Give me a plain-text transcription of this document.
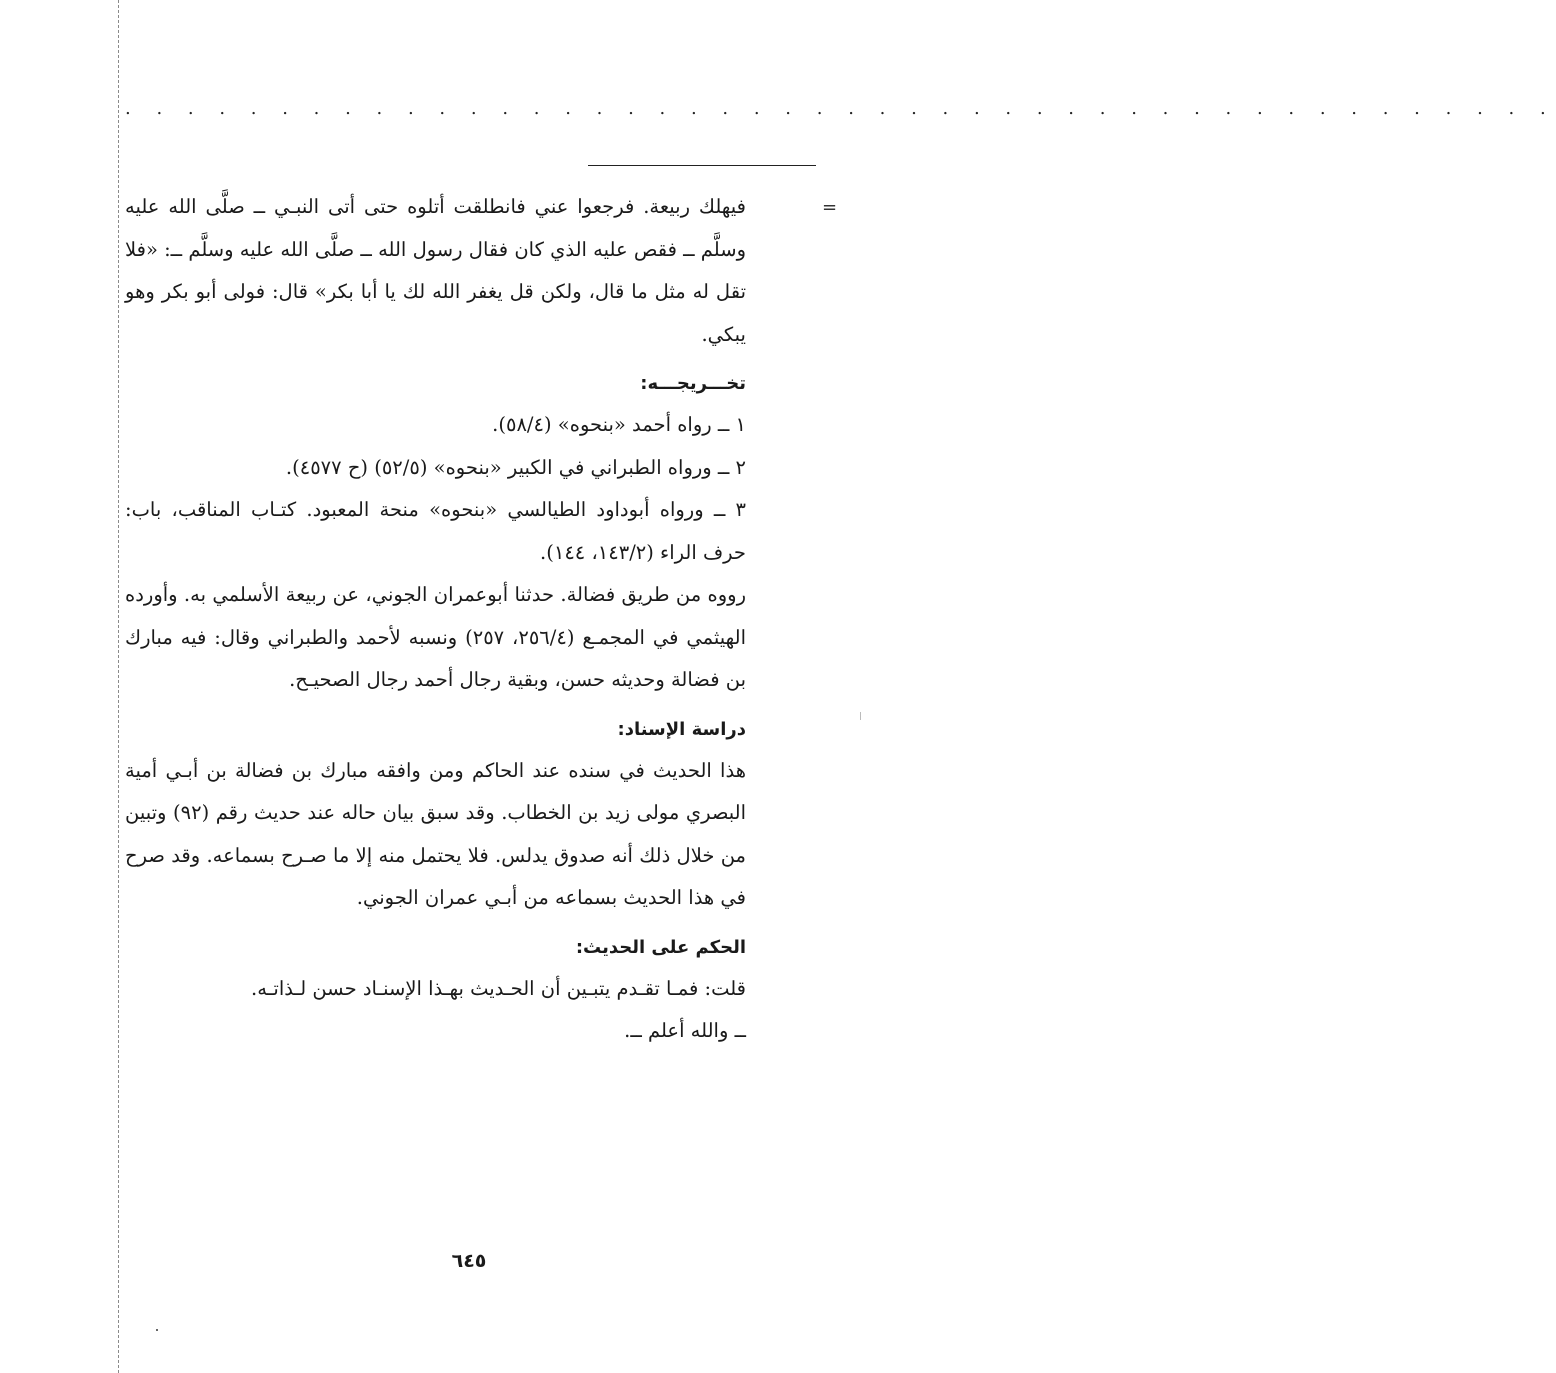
. . . . . . . . . . . . . . . . . . . . . . . . . . . . . . . . . . . . . . . . . . . . . .
=

فيهلك ربيعة. فرجعوا عني فانطلقت أتلوه حتى أتى النبـي ــ صلَّى الله عليه وسلَّم ــ فقص عليه الذي كان فقال رسول الله ــ صلَّى الله عليه وسلَّم ــ: «فلا تقل له مثل ما قال، ولكن قل يغفر الله لك يا أبا بكر» قال: فولى أبو بكر وهو يبكي.

تخـــريجـــه:

١ ــ رواه أحمد «بنحوه» (٥٨/٤).

٢ ــ ورواه الطبراني في الكبير «بنحوه» (٥٢/٥) (ح ٤٥٧٧).

٣ ــ ورواه أبوداود الطيالسي «بنحوه» منحة المعبود. كتـاب المناقب، باب: حرف الراء (١٤٣/٢، ١٤٤).

رووه من طريق فضالة. حدثنا أبوعمران الجوني، عن ربيعة الأسلمي به. وأورده الهيثمي في المجمـع (٢٥٦/٤، ٢٥٧) ونسبه لأحمد والطبراني وقال: فيه مبارك بن فضالة وحديثه حسن، وبقية رجال أحمد رجال الصحيـح.

دراسة الإسناد:

هذا الحديث في سنده عند الحاكم ومن وافقه مبارك بن فضالة بن أبـي أمية البصري مولى زيد بن الخطاب. وقد سبق بيان حاله عند حديث رقم (٩٢) وتبين من خلال ذلك أنه صدوق يدلس. فلا يحتمل منه إلا ما صـرح بسماعه. وقد صرح في هذا الحديث بسماعه من أبـي عمران الجوني.

الحكم على الحديث:

قلت: فمـا تقـدم يتبـين أن الحـديث بهـذا الإسنـاد حسن لـذاتـه.

ــ والله أعلم ــ.

٦٤٥
